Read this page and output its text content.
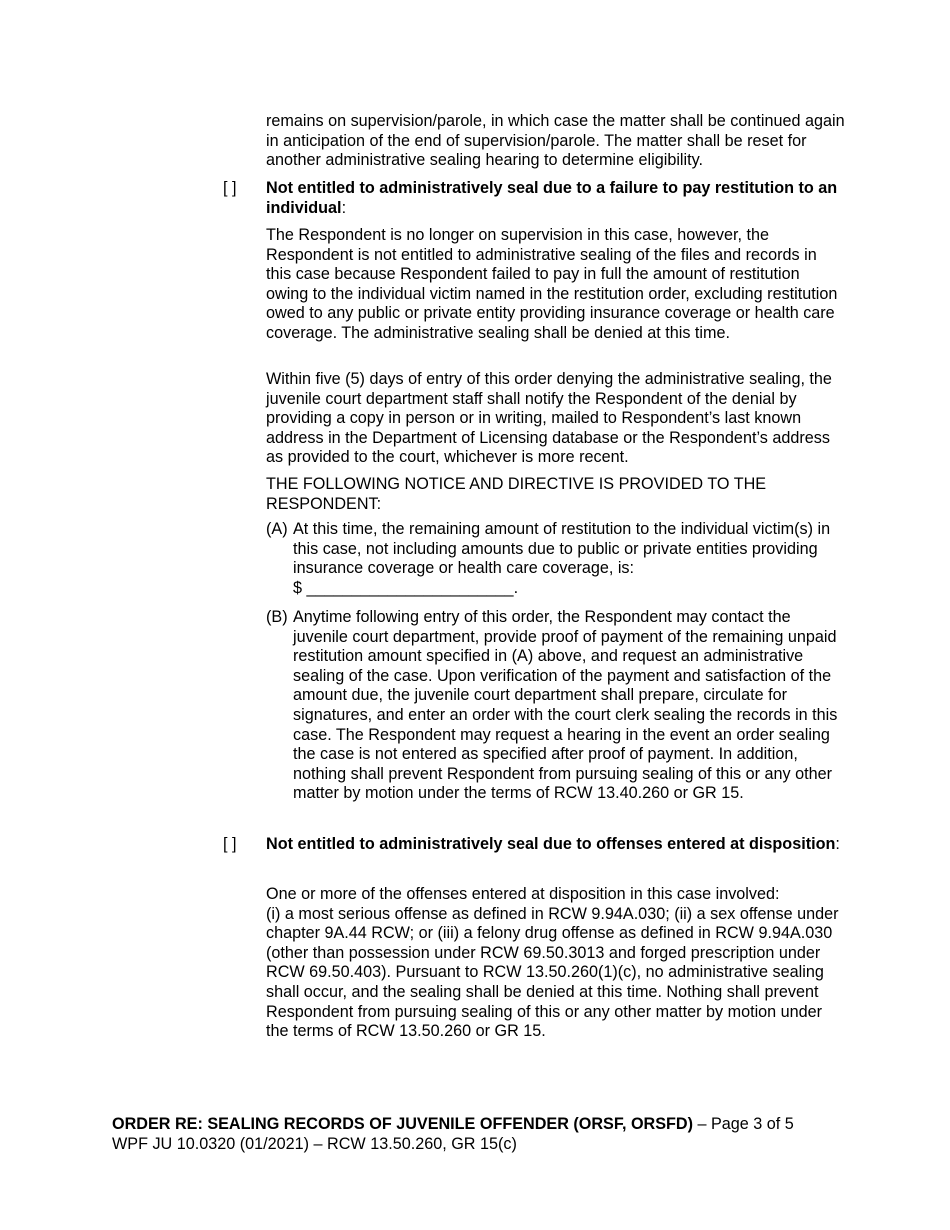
remains on supervision/parole, in which case the matter shall be continued again in anticipation of the end of supervision/parole. The matter shall be reset for another administrative sealing hearing to determine eligibility.

[ ] Not entitled to administratively seal due to a failure to pay restitution to an individual:

The Respondent is no longer on supervision in this case, however, the Respondent is not entitled to administrative sealing of the files and records in this case because Respondent failed to pay in full the amount of restitution owing to the individual victim named in the restitution order, excluding restitution owed to any public or private entity providing insurance coverage or health care coverage. The administrative sealing shall be denied at this time.

Within five (5) days of entry of this order denying the administrative sealing, the juvenile court department staff shall notify the Respondent of the denial by providing a copy in person or in writing, mailed to Respondent’s last known address in the Department of Licensing database or the Respondent’s address as provided to the court, whichever is more recent.

THE FOLLOWING NOTICE AND DIRECTIVE IS PROVIDED TO THE RESPONDENT:

(A) At this time, the remaining amount of restitution to the individual victim(s) in this case, not including amounts due to public or private entities providing insurance coverage or health care coverage, is:

$ _______________________.

(B) Anytime following entry of this order, the Respondent may contact the juvenile court department, provide proof of payment of the remaining unpaid restitution amount specified in (A) above, and request an administrative sealing of the case. Upon verification of the payment and satisfaction of the amount due, the juvenile court department shall prepare, circulate for signatures, and enter an order with the court clerk sealing the records in this case. The Respondent may request a hearing in the event an order sealing the case is not entered as specified after proof of payment. In addition, nothing shall prevent Respondent from pursuing sealing of this or any other matter by motion under the terms of RCW 13.40.260 or GR 15.

[ ] Not entitled to administratively seal due to offenses entered at disposition:

One or more of the offenses entered at disposition in this case involved:

(i) a most serious offense as defined in RCW 9.94A.030; (ii) a sex offense under chapter 9A.44 RCW; or (iii) a felony drug offense as defined in RCW 9.94A.030 (other than possession under RCW 69.50.3013 and forged prescription under RCW 69.50.403). Pursuant to RCW 13.50.260(1)(c), no administrative sealing shall occur, and the sealing shall be denied at this time. Nothing shall prevent Respondent from pursuing sealing of this or any other matter by motion under the terms of RCW 13.50.260 or GR 15.

ORDER RE: SEALING RECORDS OF JUVENILE OFFENDER (ORSF, ORSFD) – Page 3 of 5

WPF JU 10.0320 (01/2021) – RCW 13.50.260, GR 15(c)
